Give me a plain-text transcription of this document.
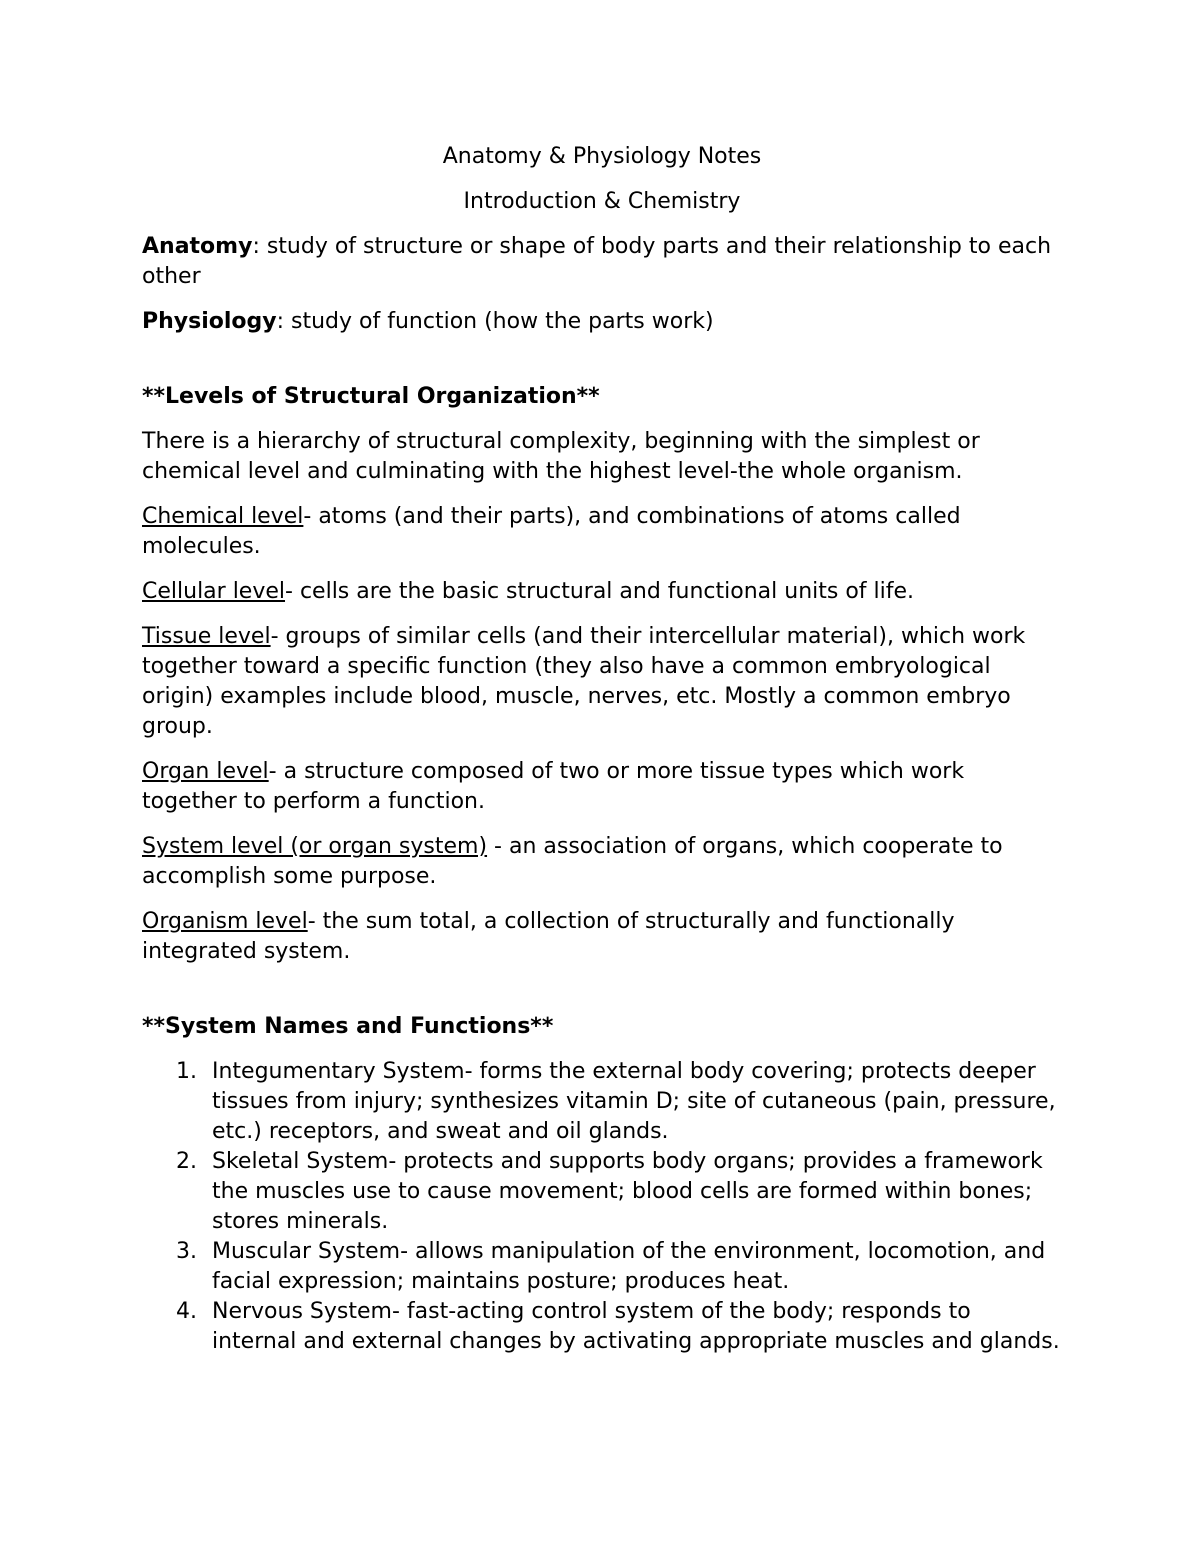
Anatomy & Physiology Notes

Introduction & Chemistry

Anatomy: study of structure or shape of body parts and their relationship to each other

Physiology: study of function (how the parts work)

**Levels of Structural Organization**

There is a hierarchy of structural complexity, beginning with the simplest or chemical level and culminating with the highest level-the whole organism.

Chemical level- atoms (and their parts), and combinations of atoms called molecules.

Cellular level- cells are the basic structural and functional units of life.

Tissue level- groups of similar cells (and their intercellular material), which work together toward a specific function (they also have a common embryological origin) examples include blood, muscle, nerves, etc. Mostly a common embryo group.

Organ level- a structure composed of two or more tissue types which work together to perform a function.

System level (or organ system) - an association of organs, which cooperate to accomplish some purpose.

Organism level- the sum total, a collection of structurally and functionally integrated system.

**System Names and Functions**
1. Integumentary System- forms the external body covering; protects deeper tissues from injury; synthesizes vitamin D; site of cutaneous (pain, pressure, etc.) receptors, and sweat and oil glands.
2. Skeletal System- protects and supports body organs; provides a framework the muscles use to cause movement; blood cells are formed within bones; stores minerals.
3. Muscular System- allows manipulation of the environment, locomotion, and facial expression; maintains posture; produces heat.
4. Nervous System- fast-acting control system of the body; responds to internal and external changes by activating appropriate muscles and glands.
